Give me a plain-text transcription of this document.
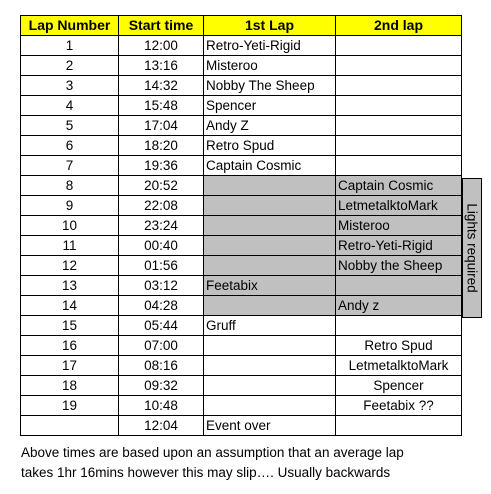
Lap Number	Start time	1st Lap	2nd lap
1	12:00	Retro-Yeti-Rigid	
2	13:16	Misteroo	
3	14:32	Nobby The Sheep	
4	15:48	Spencer	
5	17:04	Andy Z	
6	18:20	Retro Spud	
7	19:36	Captain Cosmic	
8	20:52		Captain Cosmic
9	22:08		LetmetalktoMark
10	23:24		Misteroo
11	00:40		Retro-Yeti-Rigid
12	01:56		Nobby the Sheep
13	03:12	Feetabix	
14	04:28		Andy z
15	05:44	Gruff	
16	07:00		Retro Spud
17	08:16		LetmetalktoMark
18	09:32		Spencer
19	10:48		Feetabix ??
	12:04	Event over	
Lights required
Above times are based upon an assumption that an average lap
takes 1hr 16mins however this may slip…. Usually backwards
